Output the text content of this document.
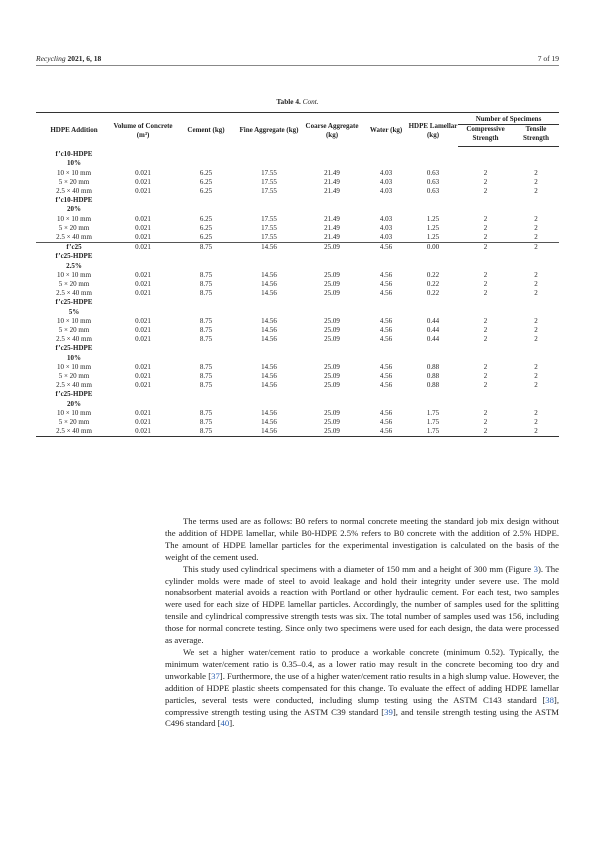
Recycling 2021, 6, 18	7 of 19
Table 4. Cont.
HDPE Addition	Volume of Concrete (m³)	Cement (kg)	Fine Aggregate (kg)	Coarse Aggregate (kg)	Water (kg)	HDPE Lamellar (kg)	Number of Specimens	
							Compressive Strength	Tensile Strength
f’c10-HDPE								
10%								
10 × 10 mm	0.021	6.25	17.55	21.49	4.03	0.63	2	2
5 × 20 mm	0.021	6.25	17.55	21.49	4.03	0.63	2	2
2.5 × 40 mm	0.021	6.25	17.55	21.49	4.03	0.63	2	2
f’c10-HDPE								
20%								
10 × 10 mm	0.021	6.25	17.55	21.49	4.03	1.25	2	2
5 × 20 mm	0.021	6.25	17.55	21.49	4.03	1.25	2	2
2.5 × 40 mm	0.021	6.25	17.55	21.49	4.03	1.25	2	2
f’c25	0.021	8.75	14.56	25.09	4.56	0.00	2	2
f’c25-HDPE								
2.5%								
10 × 10 mm	0.021	8.75	14.56	25.09	4.56	0.22	2	2
5 × 20 mm	0.021	8.75	14.56	25.09	4.56	0.22	2	2
2.5 × 40 mm	0.021	8.75	14.56	25.09	4.56	0.22	2	2
f’c25-HDPE								
5%								
10 × 10 mm	0.021	8.75	14.56	25.09	4.56	0.44	2	2
5 × 20 mm	0.021	8.75	14.56	25.09	4.56	0.44	2	2
2.5 × 40 mm	0.021	8.75	14.56	25.09	4.56	0.44	2	2
f’c25-HDPE								
10%								
10 × 10 mm	0.021	8.75	14.56	25.09	4.56	0.88	2	2
5 × 20 mm	0.021	8.75	14.56	25.09	4.56	0.88	2	2
2.5 × 40 mm	0.021	8.75	14.56	25.09	4.56	0.88	2	2
f’c25-HDPE								
20%								
10 × 10 mm	0.021	8.75	14.56	25.09	4.56	1.75	2	2
5 × 20 mm	0.021	8.75	14.56	25.09	4.56	1.75	2	2
2.5 × 40 mm	0.021	8.75	14.56	25.09	4.56	1.75	2	2

The terms used are as follows: B0 refers to normal concrete meeting the standard job mix design without the addition of HDPE lamellar, while B0-HDPE 2.5% refers to B0 concrete with the addition of 2.5% HDPE. The amount of HDPE lamellar particles for the experimental investigation is calculated on the basis of the weight of the cement used.

This study used cylindrical specimens with a diameter of 150 mm and a height of 300 mm (Figure 3). The cylinder molds were made of steel to avoid leakage and hold their integrity under severe use. The mold nonabsorbent material avoids a reaction with Portland or other hydraulic cement. For each test, two samples were used for each size of HDPE lamellar particles. Accordingly, the number of samples used for the splitting tensile and cylindrical compressive strength tests was six. The total number of samples used was 156, including those for normal concrete testing. Since only two specimens were used for each design, the data were processed as average.

We set a higher water/cement ratio to produce a workable concrete (minimum 0.52). Typically, the minimum water/cement ratio is 0.35–0.4, as a lower ratio may result in the concrete becoming too dry and unworkable [37]. Furthermore, the use of a higher water/cement ratio results in a high slump value. However, the addition of HDPE plastic sheets compensated for this change. To evaluate the effect of adding HDPE lamellar particles, several tests were conducted, including slump testing using the ASTM C143 standard [38], compressive strength testing using the ASTM C39 standard [39], and tensile strength testing using the ASTM C496 standard [40].
